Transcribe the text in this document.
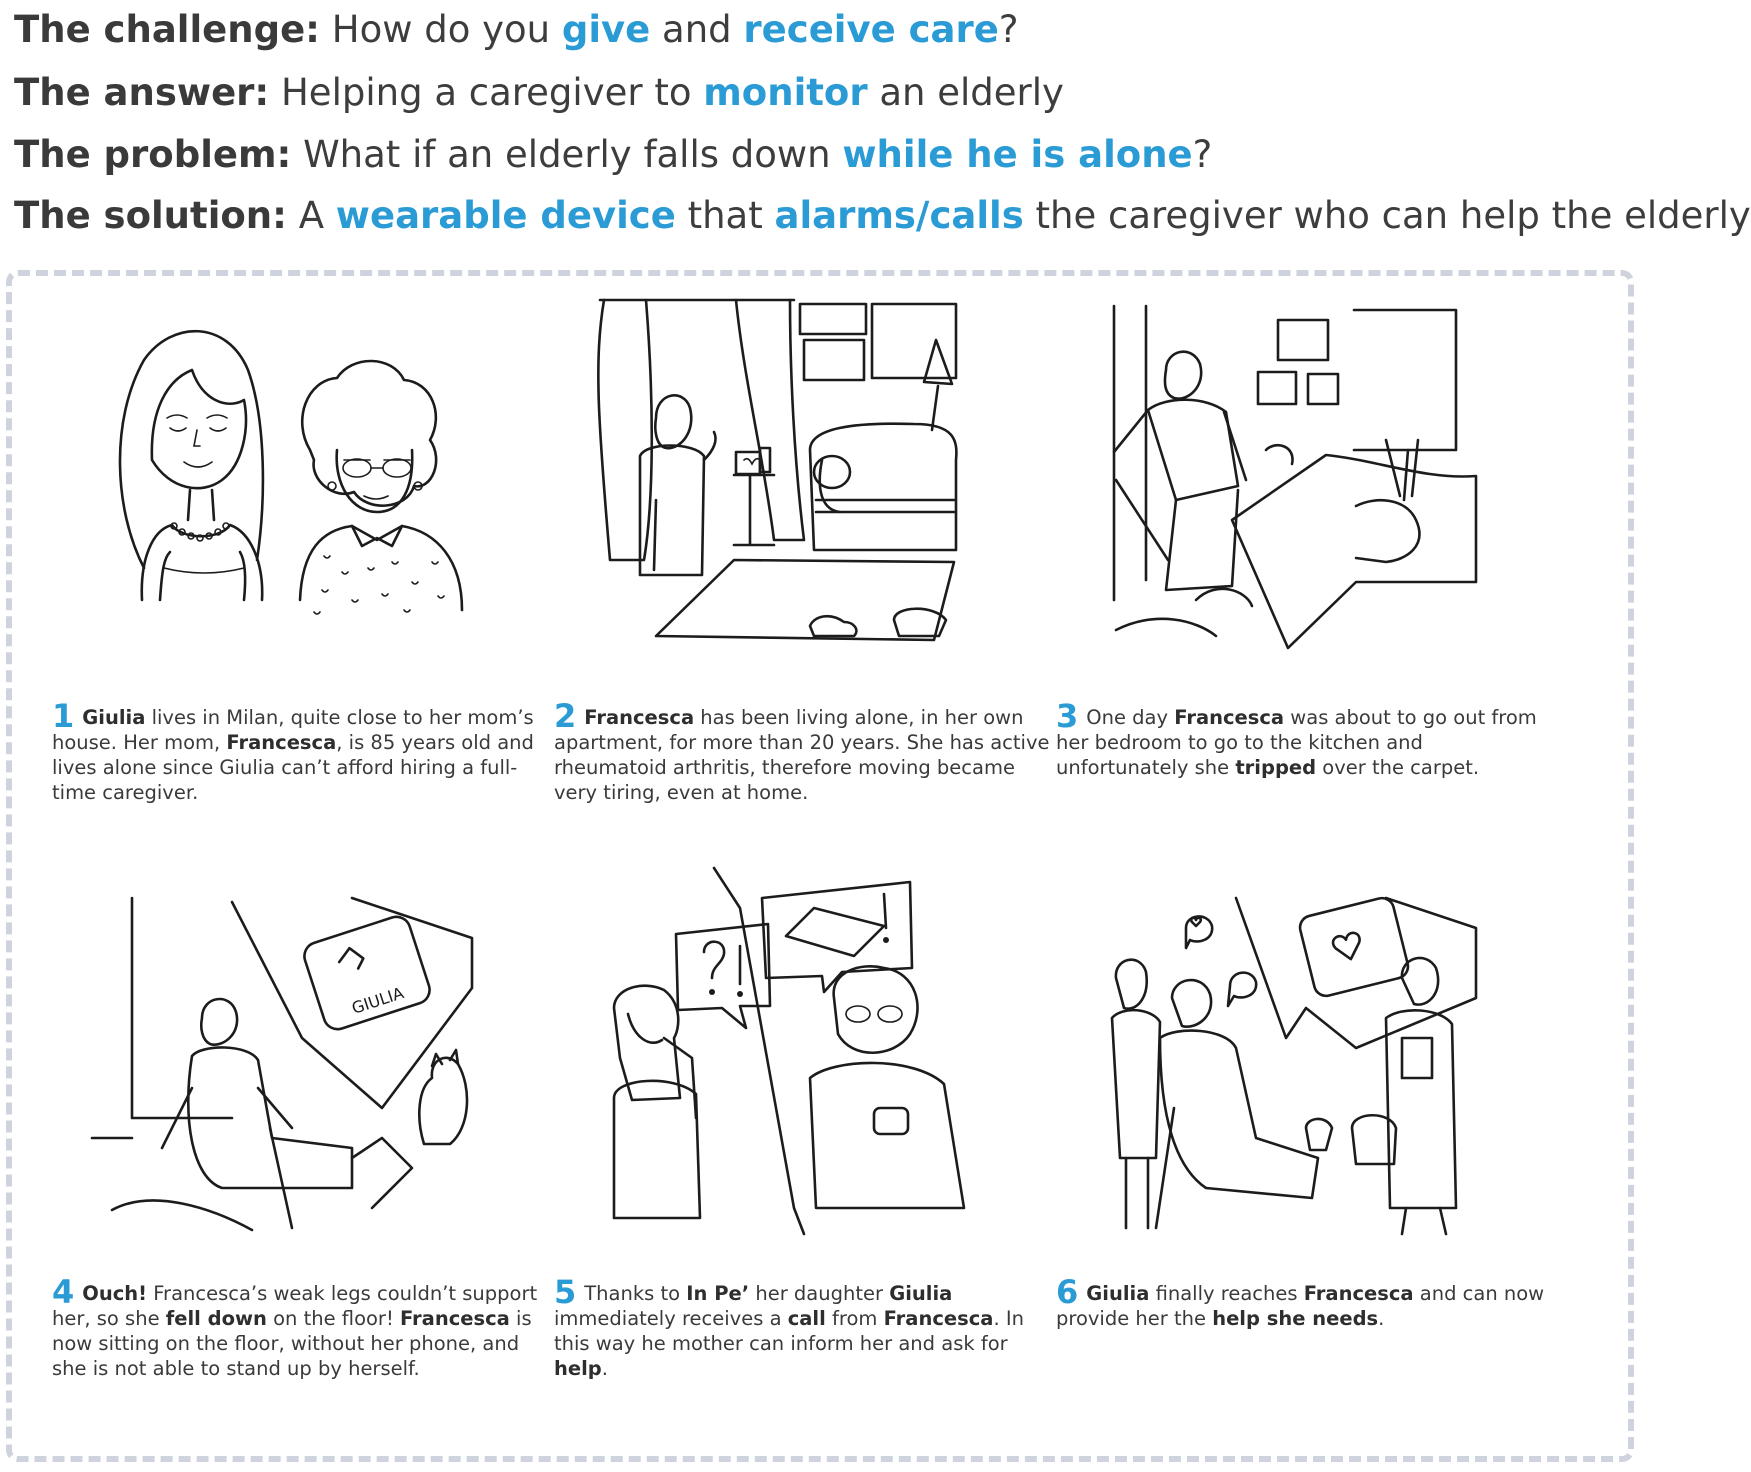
The challenge: How do you give and receive care?
The answer: Helping a caregiver to monitor an elderly
The problem: What if an elderly falls down while he is alone?
The solution: A wearable device that alarms/calls the caregiver who can help the elderly
1 Giulia lives in Milan, quite close to her mom’s house. Her mom, Francesca, is 85 years old and lives alone since Giulia can’t afford hiring a full-time caregiver.
2 Francesca has been living alone, in her own apartment, for more than 20 years. She has active rheumatoid arthritis, therefore moving became very tiring, even at home.
3 One day Francesca was about to go out from her bedroom to go to the kitchen and unfortunately she tripped over the carpet.
GIULIA
4 Ouch! Francesca’s weak legs couldn’t support her, so she fell down on the floor! Francesca is now sitting on the floor, without her phone, and she is not able to stand up by herself.
5 Thanks to In Pe’ her daughter Giulia immediately receives a call from Francesca. In this way he mother can inform her and ask for help.
6 Giulia finally reaches Francesca and can now provide her the help she needs.
